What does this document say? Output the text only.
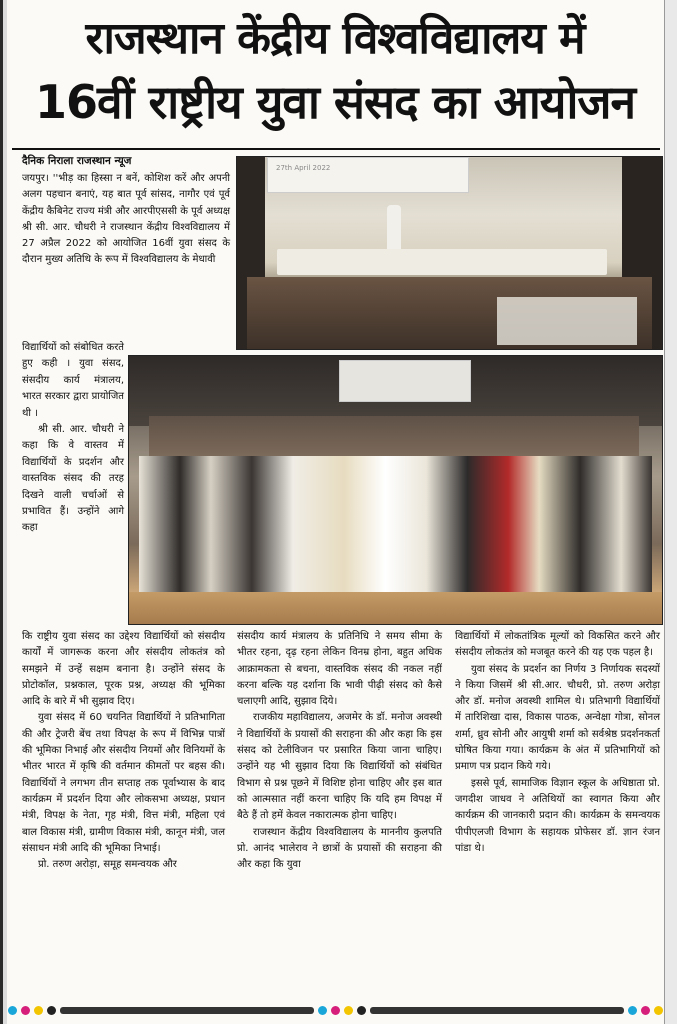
राजस्थान केंद्रीय विश्वविद्यालय में
16वीं राष्ट्रीय युवा संसद का आयोजन
दैनिक निराला राजस्थान न्यूज

जयपुर। ''भीड़ का हिस्सा न बनें, कोशिश करें और अपनी अलग पहचान बनाएं, यह बात पूर्व सांसद, नागौर एवं पूर्व केंद्रीय कैबिनेट राज्य मंत्री और आरपीएससी के पूर्व अध्यक्ष श्री सी. आर. चौधरी ने राजस्थान केंद्रीय विश्वविद्यालय में 27 अप्रैल 2022 को आयोजित 16वीं युवा संसद के दौरान मुख्य अतिथि के रूप में विश्वविद्यालय के मेधावी

27th April 2022

विद्यार्थियों को संबोधित करते हुए कही । युवा संसद, संसदीय कार्य मंत्रालय, भारत सरकार द्वारा प्रायोजित थी ।

श्री सी. आर. चौधरी ने कहा कि वे वास्तव में विद्यार्थियों के प्रदर्शन और वास्तविक संसद की तरह दिखने वाली चर्चाओं से प्रभावित हैं। उन्होंने आगे कहा

कि राष्ट्रीय युवा संसद का उद्देश्य विद्यार्थियों को संसदीय कार्यों में जागरूक करना और संसदीय लोकतंत्र को समझने में उन्हें सक्षम बनाना है। उन्होंने संसद के प्रोटोकॉल, प्रश्नकाल, पूरक प्रश्न, अध्यक्ष की भूमिका आदि के बारे में भी सुझाव दिए।

युवा संसद में 60 चयनित विद्यार्थियों ने प्रतिभागिता की और ट्रेजरी बेंच तथा विपक्ष के रूप में विभिन्न पात्रों की भूमिका निभाई और संसदीय नियमों और विनियमों के भीतर भारत में कृषि की वर्तमान कीमतों पर बहस की। विद्यार्थियों ने लगभग तीन सप्ताह तक पूर्वाभ्यास के बाद कार्यक्रम में प्रदर्शन दिया और लोकसभा अध्यक्ष, प्रधान मंत्री, विपक्ष के नेता, गृह मंत्री, वित्त मंत्री, महिला एवं बाल विकास मंत्री, ग्रामीण विकास मंत्री, कानून मंत्री, जल संसाधन मंत्री आदि की भूमिका निभाई।

प्रो. तरुण अरोड़ा, समूह समन्वयक और

संसदीय कार्य मंत्रालय के प्रतिनिधि ने समय सीमा के भीतर रहना, दृढ़ रहना लेकिन विनम्र होना, बहुत अधिक आक्रामकता से बचना, वास्तविक संसद की नकल नहीं करना बल्कि यह दर्शाना कि भावी पीढ़ी संसद को कैसे चलाएगी आदि, सुझाव दिये।

राजकीय महाविद्यालय, अजमेर के डॉ. मनोज अवस्थी ने विद्यार्थियों के प्रयासों की सराहना की और कहा कि इस संसद को टेलीविजन पर प्रसारित किया जाना चाहिए। उन्होंने यह भी सुझाव दिया कि विद्यार्थियों को संबंधित विभाग से प्रश्न पूछने में विशिष्ट होना चाहिए और इस बात को आत्मसात नहीं करना चाहिए कि यदि हम विपक्ष में बैठे हैं तो हमें केवल नकारात्मक होना चाहिए।

राजस्थान केंद्रीय विश्वविद्यालय के माननीय कुलपति प्रो. आनंद भालेराव ने छात्रों के प्रयासों की सराहना की और कहा कि युवा

विद्यार्थियों में लोकतांत्रिक मूल्यों को विकसित करने और संसदीय लोकतंत्र को मजबूत करने की यह एक पहल है।

युवा संसद के प्रदर्शन का निर्णय 3 निर्णायक सदस्यों ने किया जिसमें श्री सी.आर. चौधरी, प्रो. तरुण अरोड़ा और डॉ. मनोज अवस्थी शामिल थे। प्रतिभागी विद्यार्थियों में तारिशिखा दास, विकास पाठक, अन्वेक्षा गोत्रा, सोनल शर्मा, ध्रुव सोनी और आयुषी शर्मा को सर्वश्रेष्ठ प्रदर्शनकर्ता घोषित किया गया। कार्यक्रम के अंत में प्रतिभागियों को प्रमाण पत्र प्रदान किये गये।

इससे पूर्व, सामाजिक विज्ञान स्कूल के अधिष्ठाता प्रो. जगदीश जाधव ने अतिथियों का स्वागत किया और कार्यक्रम की जानकारी प्रदान की। कार्यक्रम के समन्वयक पीपीएलजी विभाग के सहायक प्रोफेसर डॉ. ज्ञान रंजन पांडा थे।
